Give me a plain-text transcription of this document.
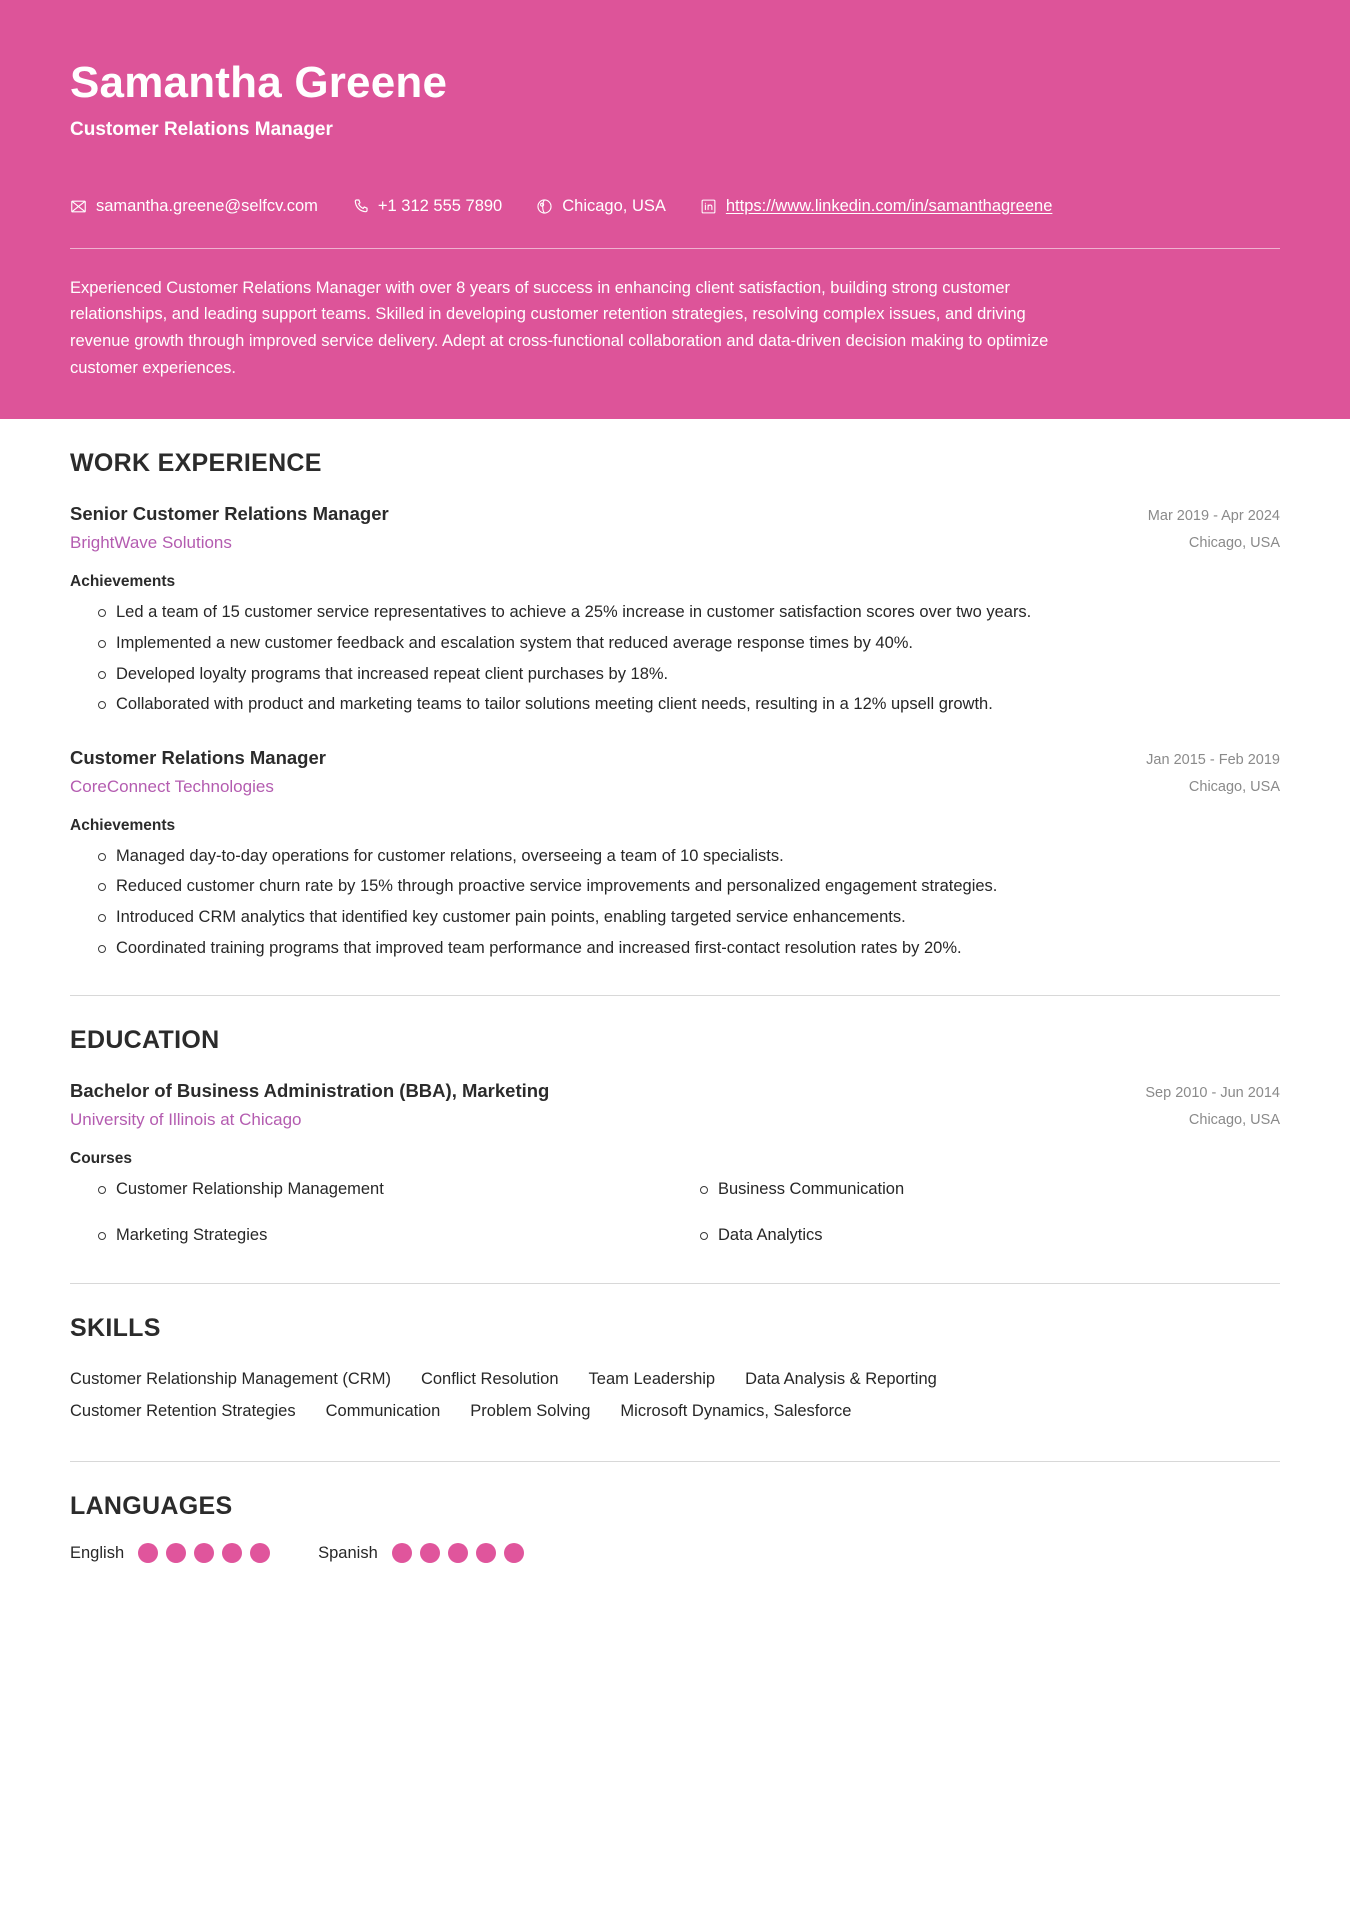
Samantha Greene
Customer Relations Manager
samantha.greene@selfcv.com	+1 312 555 7890	Chicago, USA	https://www.linkedin.com/in/samanthagreene
Experienced Customer Relations Manager with over 8 years of success in enhancing client satisfaction, building strong customer relationships, and leading support teams. Skilled in developing customer retention strategies, resolving complex issues, and driving revenue growth through improved service delivery. Adept at cross-functional collaboration and data-driven decision making to optimize customer experiences.
WORK EXPERIENCE
Senior Customer Relations Manager
BrightWave Solutions
Mar 2019 - Apr 2024
Chicago, USA
Achievements
Led a team of 15 customer service representatives to achieve a 25% increase in customer satisfaction scores over two years.
Implemented a new customer feedback and escalation system that reduced average response times by 40%.
Developed loyalty programs that increased repeat client purchases by 18%.
Collaborated with product and marketing teams to tailor solutions meeting client needs, resulting in a 12% upsell growth.
Customer Relations Manager
CoreConnect Technologies
Jan 2015 - Feb 2019
Chicago, USA
Achievements
Managed day-to-day operations for customer relations, overseeing a team of 10 specialists.
Reduced customer churn rate by 15% through proactive service improvements and personalized engagement strategies.
Introduced CRM analytics that identified key customer pain points, enabling targeted service enhancements.
Coordinated training programs that improved team performance and increased first-contact resolution rates by 20%.
EDUCATION
Bachelor of Business Administration (BBA), Marketing
University of Illinois at Chicago
Sep 2010 - Jun 2014
Chicago, USA
Courses
Customer Relationship Management	Business Communication
Marketing Strategies	Data Analytics
SKILLS
Customer Relationship Management (CRM) Conflict Resolution Team Leadership Data Analysis & Reporting
Customer Retention Strategies Communication Problem Solving Microsoft Dynamics, Salesforce
LANGUAGES
English	Spanish
